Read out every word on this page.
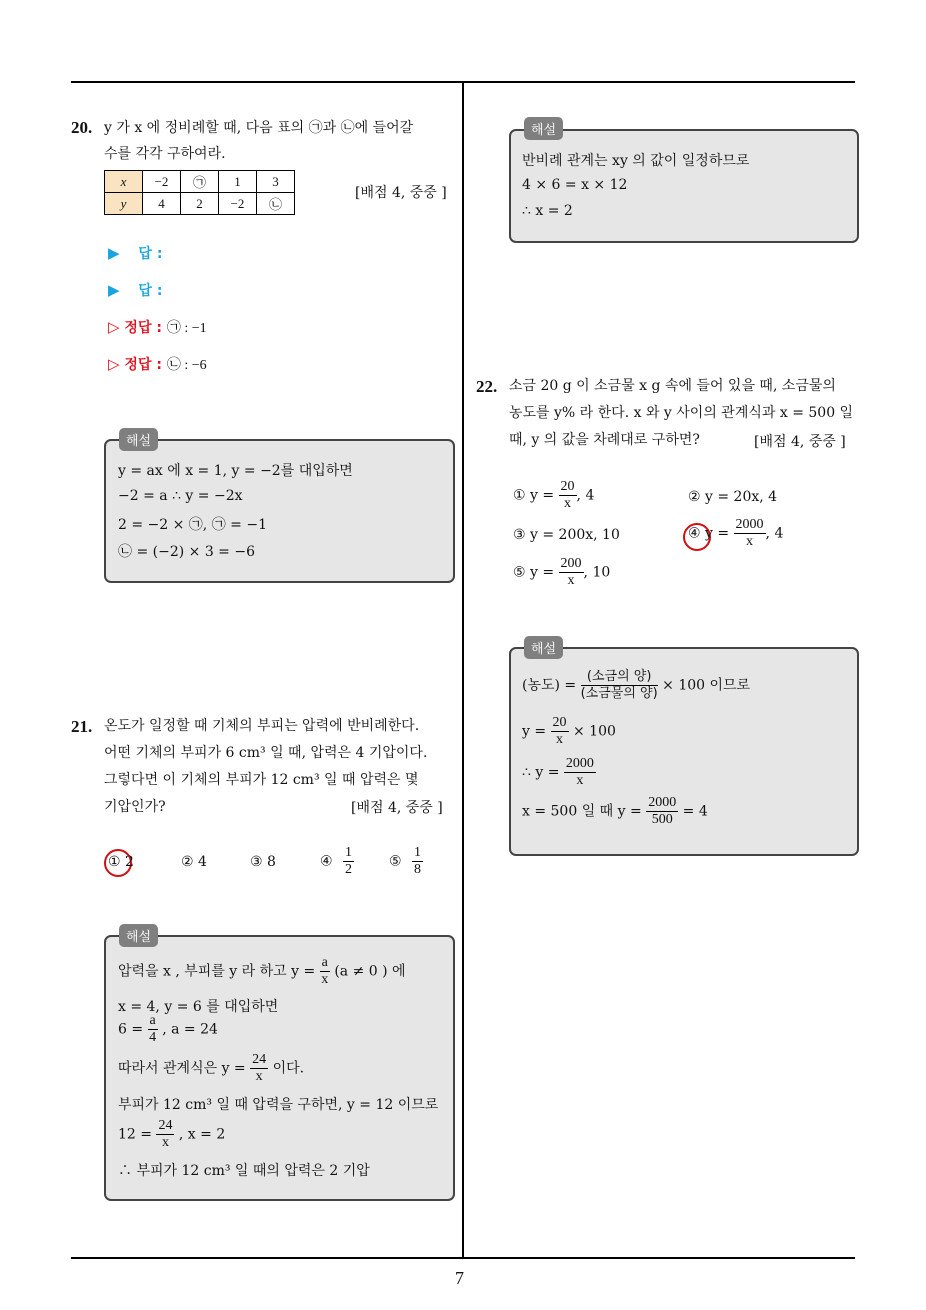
7
20. y 가 x 에 정비례할 때, 다음 표의 ㉠과 ㉡에 들어갈
수를 각각 구하여라.
x	−2	㉠	1	3
y	4	2	−2	㉡
[배점 4, 중중 ]
▶ 답 :
▶ 답 :
▷ 정답 : ㉠ : −1
▷ 정답 : ㉡ : −6
해설
y = ax 에 x = 1, y = −2를 대입하면
−2 = a ∴ y = −2x
2 = −2 × ㉠, ㉠ = −1
㉡ = (−2) × 3 = −6
21. 온도가 일정할 때 기체의 부피는 압력에 반비례한다.
어떤 기체의 부피가 6 cm³ 일 때, 압력은 4 기압이다.
그렇다면 이 기체의 부피가 12 cm³ 일 때 압력은 몇
기압인가?	[배점 4, 중중 ]
① 2	② 4	③ 8	④ $\frac{1}{2}$ ⑤ $\frac{1}{8}$
해설
압력을 x , 부피를 y 라 하고 $y = \frac{a}{x} (a \ne 0$ ) 에
x = 4, y = 6 를 대입하면
$6 = \frac{a}{4}$ , a = 24
따라서 관계식은 $y = \frac{24}{x}$ 이다.
부피가 12 cm³ 일 때 압력을 구하면, y = 12 이므로
$12 = \frac{24}{x}$ , x = 2
∴ 부피가 12 cm³ 일 때의 압력은 2 기압
해설
반비례 관계는 xy 의 값이 일정하므로
4 × 6 = x × 12
∴ x = 2
22. 소금 20 g 이 소금물 x g 속에 들어 있을 때, 소금물의
농도를 y% 라 한다. x 와 y 사이의 관계식과 x = 500 일
때, y 의 값을 차례대로 구하면?	[배점 4, 중중 ]
① $y = \frac{20}{x}$ , 4	② y = 20x, 4
③ y = 200x, 10	④ $y = \frac{2000}{x}$ , 4
⑤ $y = \frac{200}{x}$ , 10
해설
(농도) = $\frac{\text{(소금의 양)}}{\text{(소금물의 양)}} \times 100$ 이므로
$y = \frac{20}{x} \times 100$
∴ $y = \frac{2000}{x}$
x = 500 일 때 $y = \frac{2000}{500} = 4$
